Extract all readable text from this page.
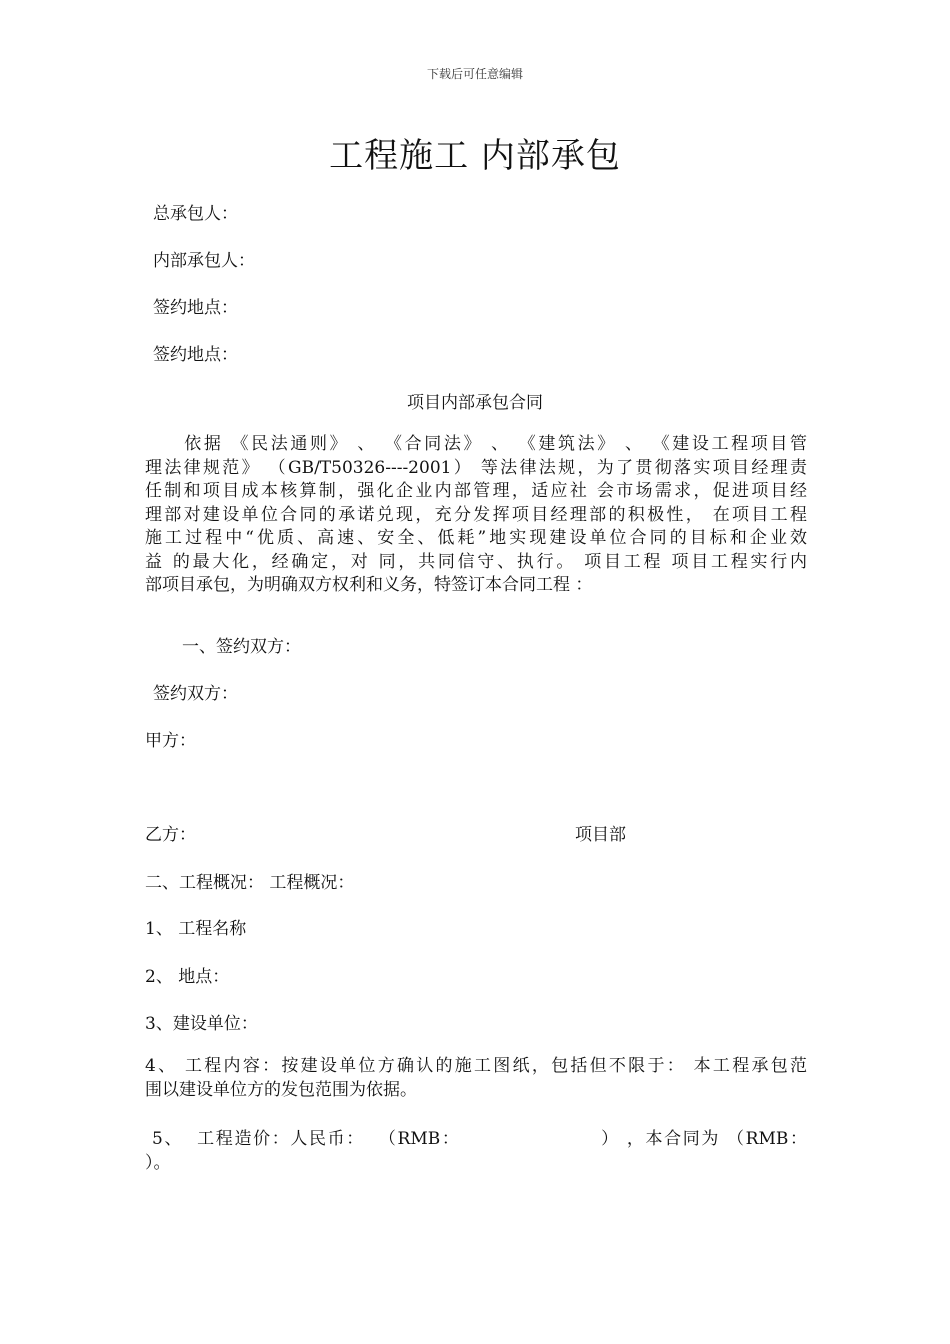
下载后可任意编辑
工程施工 内部承包
总承包人：
内部承包人：
签约地点：
签约地点：
项目内部承包合同
　　依据 《民法通则》 、 《合同法》 、 《建筑法》 、 《建设工程项目管
理法律规范》 （GB/T50326----2001） 等法律法规，为了贯彻落实项目经理责
任制和项目成本核算制，强化企业内部管理，适应社 会市场需求，促进项目经
理部对建设单位合同的承诺兑现，充分发挥项目经理部的积极性， 在项目工程
施工过程中“优质、高速、安全、低耗”地实现建设单位合同的目标和企业效
益 的最大化，经确定，对 同，共同信守、执行。 项目工程 项目工程实行内
部项目承包，为明确双方权利和义务，特签订本合同工程 ：
一、签约双方：
签约双方：
甲方：
乙方：	项目部
二、工程概况： 工程概况：
1、 工程名称
2、 地点：
3、建设单位：
4、 工程内容：按建设单位方确认的施工图纸，包括但不限于： 本工程承包范
围以建设单位方的发包范围为依据。
5、  工程造价：人民币：  （RMB：                    ） ，本合同为 （RMB：
）。
